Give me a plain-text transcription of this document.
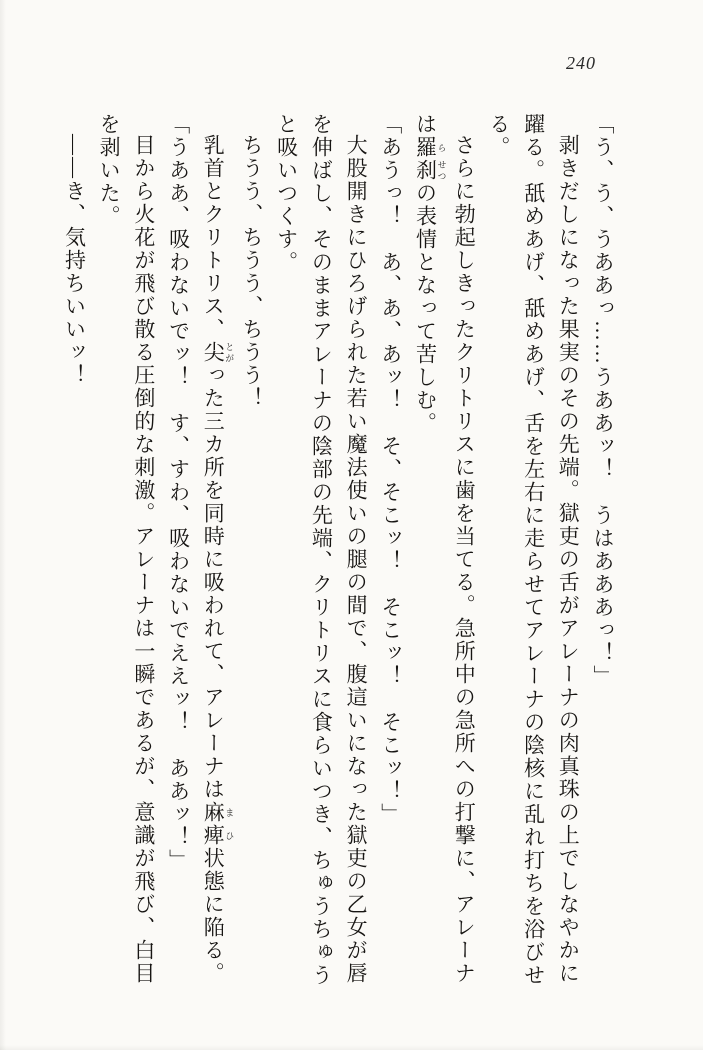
240
「う、う、うああっ……うああッ！　うはあああっ！」
剥きだしになった果実のその先端。獄吏の舌がアレーナの肉真珠の上でしなやかに
躍る。舐めあげ、舐めあげ、舌を左右に走らせてアレーナの陰核に乱れ打ちを浴びせ
る。
さらに勃起しきったクリトリスに歯を当てる。急所中の急所への打撃に、アレーナ
は羅 ら刹 せつの表情となって苦しむ。
「あうっ！　あ、あ、あッ！　そ、そこッ！　そこッ！　そこッ！」
大股開きにひろげられた若い魔法使いの腿の間で、腹這いになった獄吏の乙女が唇
を伸ばし、そのままアレーナの陰部の先端、クリトリスに食らいつき、ちゅうちゅう
と吸いつくす。
ちうう、ちうう、ちうう！
乳首とクリトリス、尖 とがった三カ所を同時に吸われて、アレーナは麻痺 まひ状態に陥る。
「うああ、吸わないでッ！　す、すわ、吸わないでええッ！　ああッ！」
目から火花が飛び散る圧倒的な刺激。アレーナは一瞬であるが、意識が飛び、白目
を剥いた。
――き、気持ちいいッ！
